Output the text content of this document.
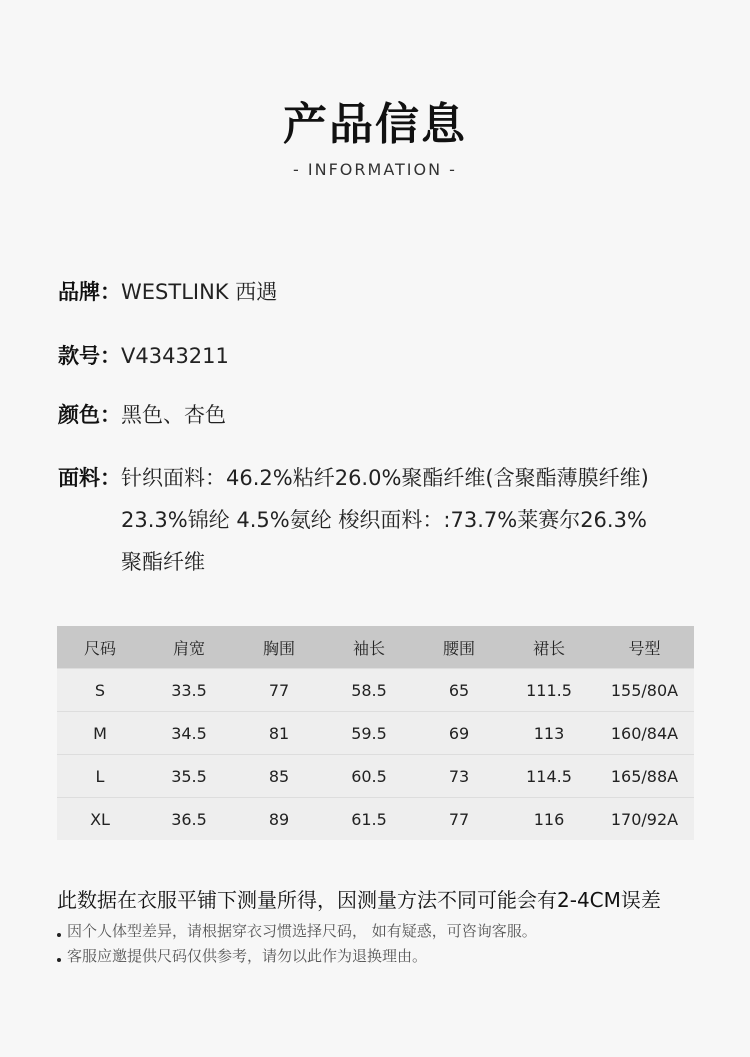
产品信息
- INFORMATION -
品牌： WESTLINK 西遇
款号： V4343211
颜色： 黑色、杏色
面料： 针织面料：46.2%粘纤26.0%聚酯纤维(含聚酯薄膜纤维)23.3%锦纶 4.5%氨纶 梭织面料：:73.7%莱赛尔26.3%聚酯纤维
尺码	肩宽	胸围	袖长	腰围	裙长	号型
S	33.5	77	58.5	65	111.5	155/80A
M	34.5	81	59.5	69	113	160/84A
L	35.5	85	60.5	73	114.5	165/88A
XL	36.5	89	61.5	77	116	170/92A
此数据在衣服平铺下测量所得，因测量方法不同可能会有2-4CM误差
因个人体型差异，请根据穿衣习惯选择尺码， 如有疑惑，可咨询客服。
客服应邀提供尺码仅供参考，请勿以此作为退换理由。
